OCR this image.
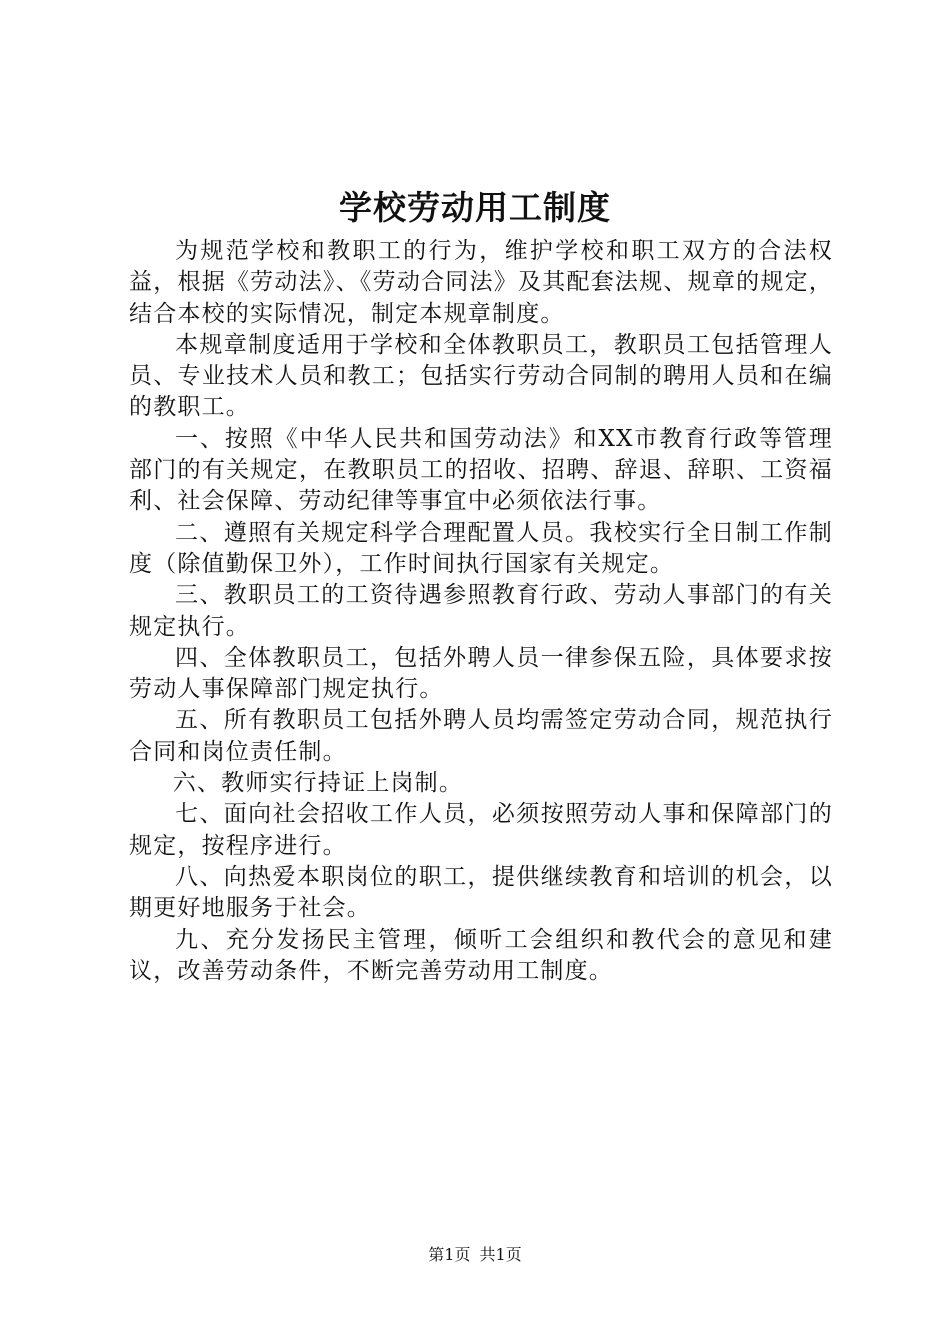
学校劳动用工制度

为规范学校和教职工的行为，维护学校和职工双方的合法权益，根据《劳动法》、《劳动合同法》及其配套法规、规章的规定，结合本校的实际情况，制定本规章制度。

本规章制度适用于学校和全体教职员工，教职员工包括管理人员、专业技术人员和教工；包括实行劳动合同制的聘用人员和在编的教职工。

一、按照《中华人民共和国劳动法》和XX市教育行政等管理部门的有关规定，在教职员工的招收、招聘、辞退、辞职、工资福利、社会保障、劳动纪律等事宜中必须依法行事。

二、遵照有关规定科学合理配置人员。我校实行全日制工作制度（除值勤保卫外），工作时间执行国家有关规定。

三、教职员工的工资待遇参照教育行政、劳动人事部门的有关规定执行。

四、全体教职员工，包括外聘人员一律参保五险，具体要求按劳动人事保障部门规定执行。

五、所有教职员工包括外聘人员均需签定劳动合同，规范执行合同和岗位责任制。

六、教师实行持证上岗制。

七、面向社会招收工作人员，必须按照劳动人事和保障部门的规定，按程序进行。

八、向热爱本职岗位的职工，提供继续教育和培训的机会，以期更好地服务于社会。

九、充分发扬民主管理，倾听工会组织和教代会的意见和建议，改善劳动条件，不断完善劳动用工制度。

第1页 共1页
